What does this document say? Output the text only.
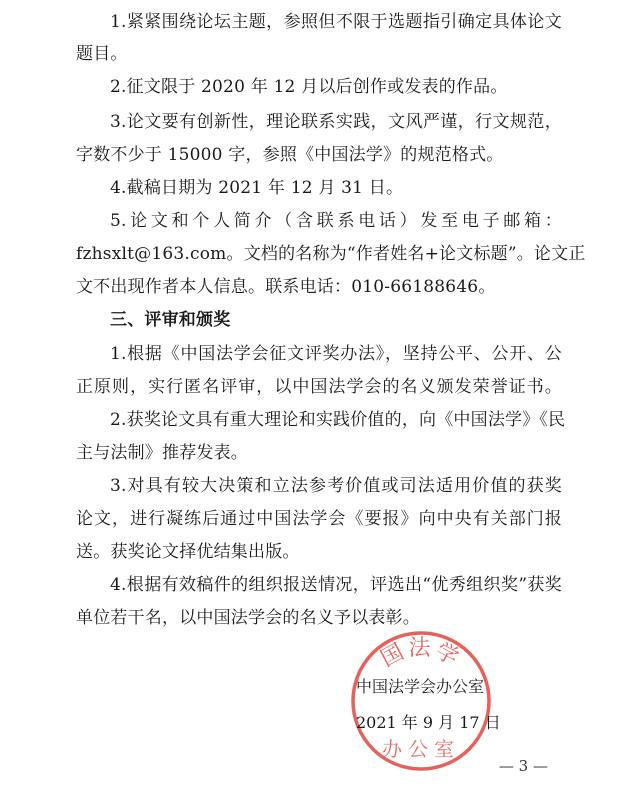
1.紧紧围绕论坛主题，参照但不限于选题指引确定具体论文
题目。
2.征文限于 2020 年 12 月以后创作或发表的作品。
3.论文要有创新性，理论联系实践，文风严谨，行文规范，
字数不少于 15000 字，参照《中国法学》的规范格式。
4.截稿日期为 2021 年 12 月 31 日。
5.论文和个人简介（含联系电话）发至电子邮箱：
fzhsxlt@163.com。文档的名称为“作者姓名+论文标题”。论文正
文不出现作者本人信息。联系电话：010-66188646。
三、评审和颁奖
1.根据《中国法学会征文评奖办法》，坚持公平、公开、公
正原则，实行匿名评审，以中国法学会的名义颁发荣誉证书。
2.获奖论文具有重大理论和实践价值的，向《中国法学》《民
主与法制》推荐发表。
3.对具有较大决策和立法参考价值或司法适用价值的获奖
论文，进行凝练后通过中国法学会《要报》向中央有关部门报
送。获奖论文择优结集出版。
4.根据有效稿件的组织报送情况，评选出“优秀组织奖”获奖
单位若干名，以中国法学会的名义予以表彰。
国法学
办公室
中国法学会办公室
2021 年 9 月 17 日
— 3 —
